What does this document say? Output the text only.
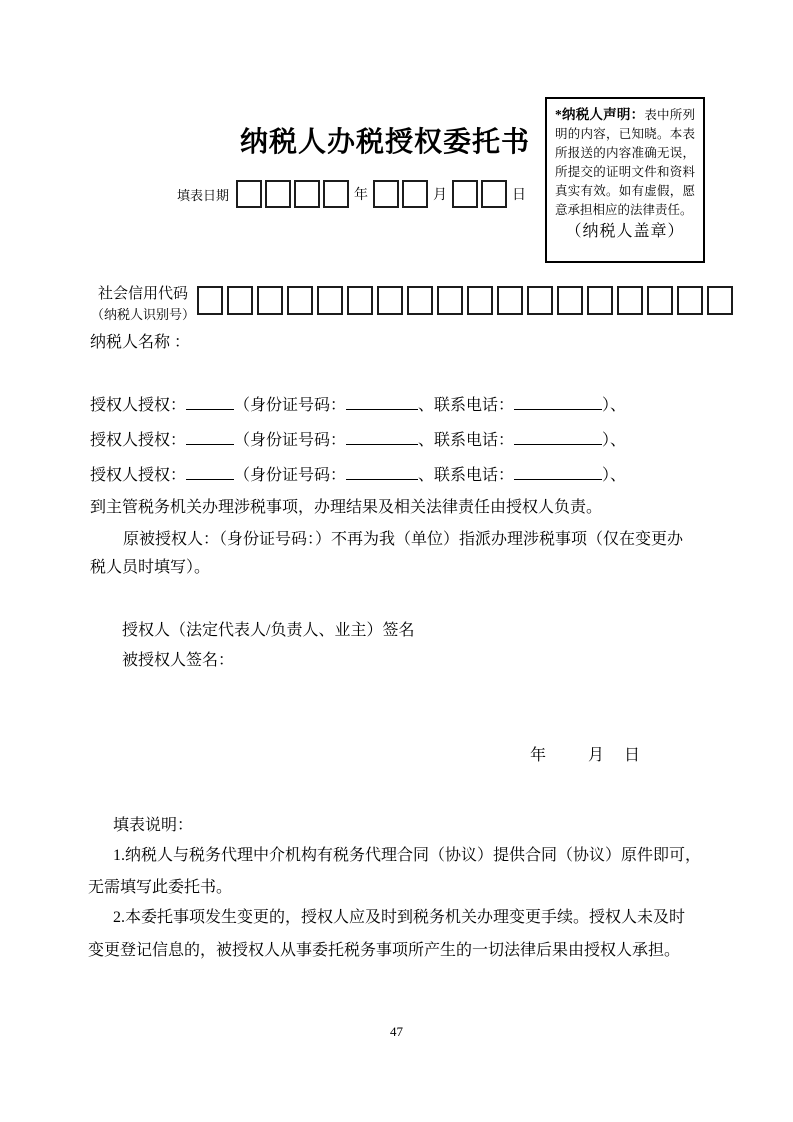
*纳税人声明：表中所列明的内容，已知晓。本表所报送的内容准确无误，所提交的证明文件和资料真实有效。如有虚假，愿意承担相应的法律责任。
（纳税人盖章）
纳税人办税授权委托书
填表日期	年	月	日
社会信用代码
（纳税人识别号）
纳税人名称 ：
授权人授权：	（身份证号码：	、联系电话：	）、
授权人授权：	（身份证号码：	、联系电话：	）、
授权人授权：	（身份证号码：	、联系电话：	）、
到主管税务机关办理涉税事项，办理结果及相关法律责任由授权人负责。
原被授权人：（身份证号码：）不再为我（单位）指派办理涉税事项（仅在变更办
税人员时填写）。
授权人（法定代表人/负责人、业主）签名
被授权人签名：
年	月 日
填表说明：
1.纳税人与税务代理中介机构有税务代理合同（协议）提供合同（协议）原件即可，
无需填写此委托书。
2.本委托事项发生变更的，授权人应及时到税务机关办理变更手续。授权人未及时
变更登记信息的，被授权人从事委托税务事项所产生的一切法律后果由授权人承担。
47
